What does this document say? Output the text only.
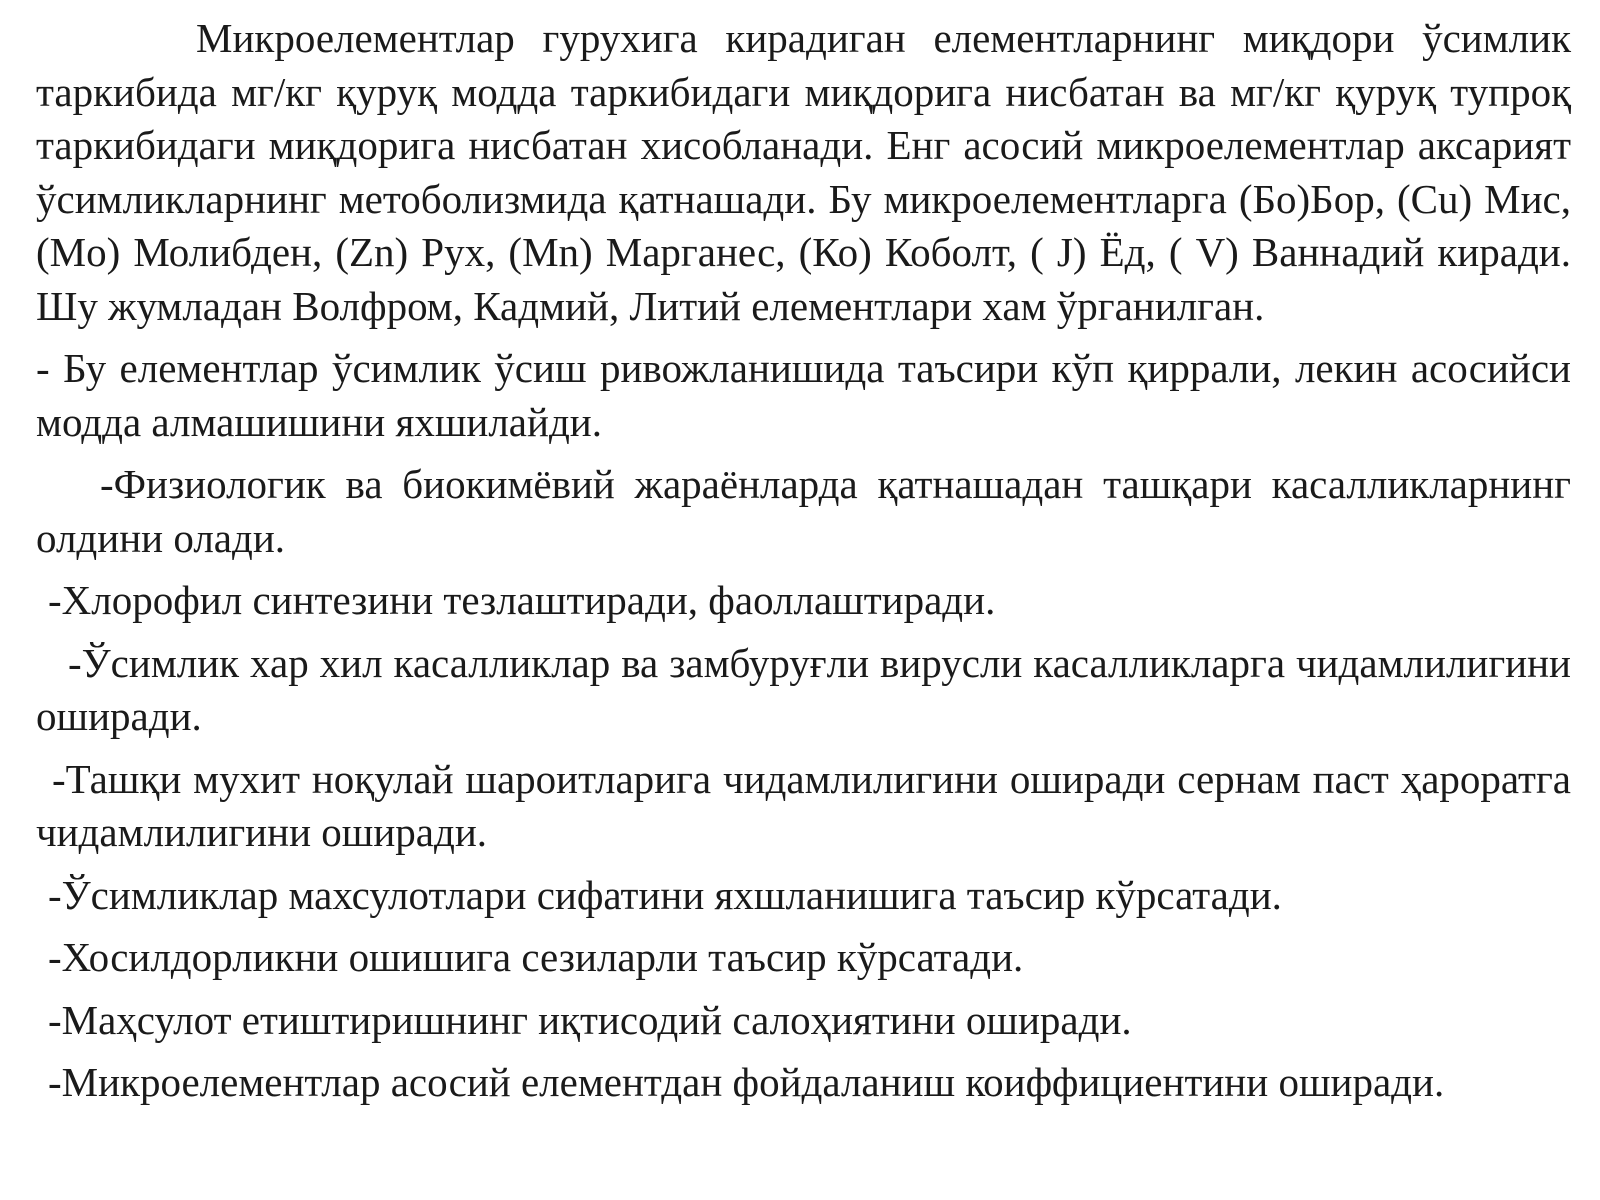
Микроелементлар гурухига кирадиган елементларнинг миқдори ўсимлик таркибида мг/кг қуруқ модда таркибидаги миқдорига нисбатан ва мг/кг қуруқ тупроқ таркибидаги миқдорига нисбатан хисобланади. Енг асосий микроелементлар аксарият ўсимликларнинг метоболизмида қатнашади. Бу микроелементларга (Бо)Бор, (Cu) Мис, (Mo) Молибден, (Zn) Рух, (Mn) Марганес, (Ко) Коболт, ( J) Ёд, ( V) Ваннадий киради. Шу жумладан Волфром, Кадмий, Литий елементлари хам ўрганилган.

- Бу елементлар ўсимлик ўсиш ривожланишида таъсири кўп қиррали, лекин асосийси модда алмашишини яхшилайди.

-Физиологик ва биокимёвий жараёнларда қатнашадан ташқари касалликларнинг олдини олади.

-Хлорофил синтезини тезлаштиради, фаоллаштиради.

-Ўсимлик хар хил касалликлар ва замбуруғли вирусли касалликларга чидамлилигини оширади.

-Ташқи мухит ноқулай шароитларига чидамлилигини оширади сернам паст ҳароратга чидамлилигини оширади.

-Ўсимликлар махсулотлари сифатини яхшланишига таъсир кўрсатади.

-Хосилдорликни ошишига сезиларли таъсир кўрсатади.

-Маҳсулот етиштиришнинг иқтисодий салоҳиятини оширади.

-Микроелементлар асосий елементдан фойдаланиш коиффициентини оширади.
